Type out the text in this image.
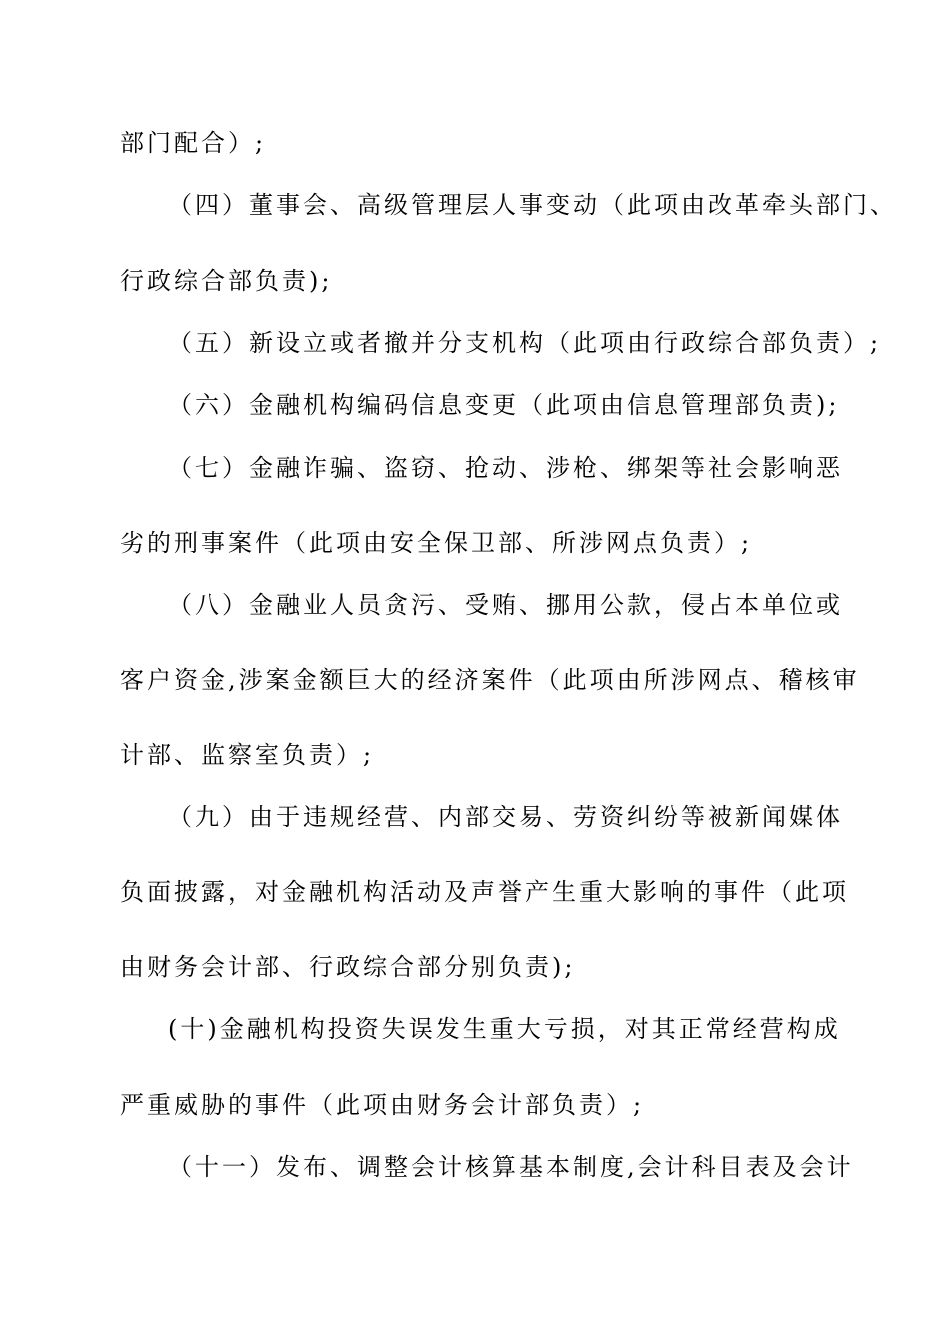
部门配合）;
（四）董事会、高级管理层人事变动（此项由改革牵头部门、
行政综合部负责);
（五）新设立或者撤并分支机构（此项由行政综合部负责）;
（六）金融机构编码信息变更（此项由信息管理部负责);
（七）金融诈骗、盗窃、抢动、涉枪、绑架等社会影响恶
劣的刑事案件（此项由安全保卫部、所涉网点负责）;
（八）金融业人员贪污、受贿、挪用公款，侵占本单位或
客户资金,涉案金额巨大的经济案件（此项由所涉网点、稽核审
计部、监察室负责）;
（九）由于违规经营、内部交易、劳资纠纷等被新闻媒体
负面披露，对金融机构活动及声誉产生重大影响的事件（此项
由财务会计部、行政综合部分别负责);
(十)金融机构投资失误发生重大亏损，对其正常经营构成
严重威胁的事件（此项由财务会计部负责）;
（十一）发布、调整会计核算基本制度,会计科目表及会计
